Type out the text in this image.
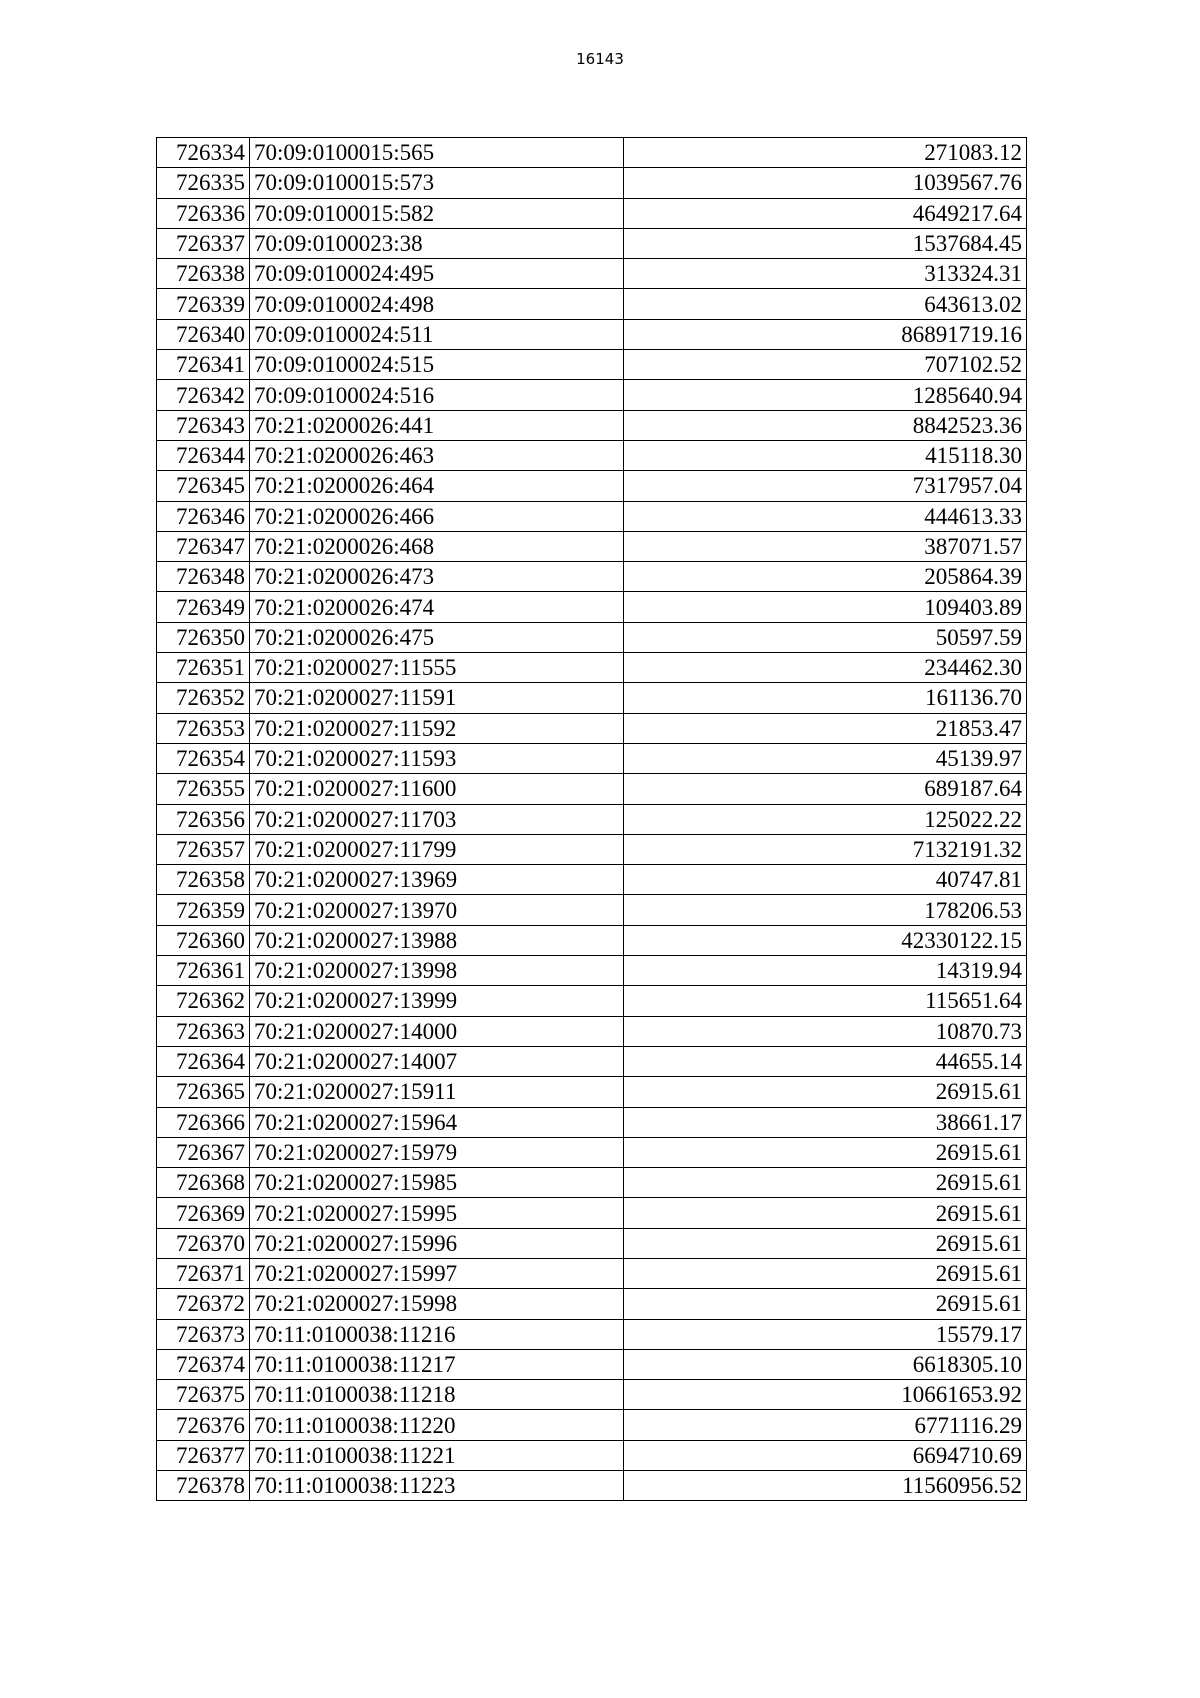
16143
726334	70:09:0100015:565	271083.12
726335	70:09:0100015:573	1039567.76
726336	70:09:0100015:582	4649217.64
726337	70:09:0100023:38	1537684.45
726338	70:09:0100024:495	313324.31
726339	70:09:0100024:498	643613.02
726340	70:09:0100024:511	86891719.16
726341	70:09:0100024:515	707102.52
726342	70:09:0100024:516	1285640.94
726343	70:21:0200026:441	8842523.36
726344	70:21:0200026:463	415118.30
726345	70:21:0200026:464	7317957.04
726346	70:21:0200026:466	444613.33
726347	70:21:0200026:468	387071.57
726348	70:21:0200026:473	205864.39
726349	70:21:0200026:474	109403.89
726350	70:21:0200026:475	50597.59
726351	70:21:0200027:11555	234462.30
726352	70:21:0200027:11591	161136.70
726353	70:21:0200027:11592	21853.47
726354	70:21:0200027:11593	45139.97
726355	70:21:0200027:11600	689187.64
726356	70:21:0200027:11703	125022.22
726357	70:21:0200027:11799	7132191.32
726358	70:21:0200027:13969	40747.81
726359	70:21:0200027:13970	178206.53
726360	70:21:0200027:13988	42330122.15
726361	70:21:0200027:13998	14319.94
726362	70:21:0200027:13999	115651.64
726363	70:21:0200027:14000	10870.73
726364	70:21:0200027:14007	44655.14
726365	70:21:0200027:15911	26915.61
726366	70:21:0200027:15964	38661.17
726367	70:21:0200027:15979	26915.61
726368	70:21:0200027:15985	26915.61
726369	70:21:0200027:15995	26915.61
726370	70:21:0200027:15996	26915.61
726371	70:21:0200027:15997	26915.61
726372	70:21:0200027:15998	26915.61
726373	70:11:0100038:11216	15579.17
726374	70:11:0100038:11217	6618305.10
726375	70:11:0100038:11218	10661653.92
726376	70:11:0100038:11220	6771116.29
726377	70:11:0100038:11221	6694710.69
726378	70:11:0100038:11223	11560956.52
